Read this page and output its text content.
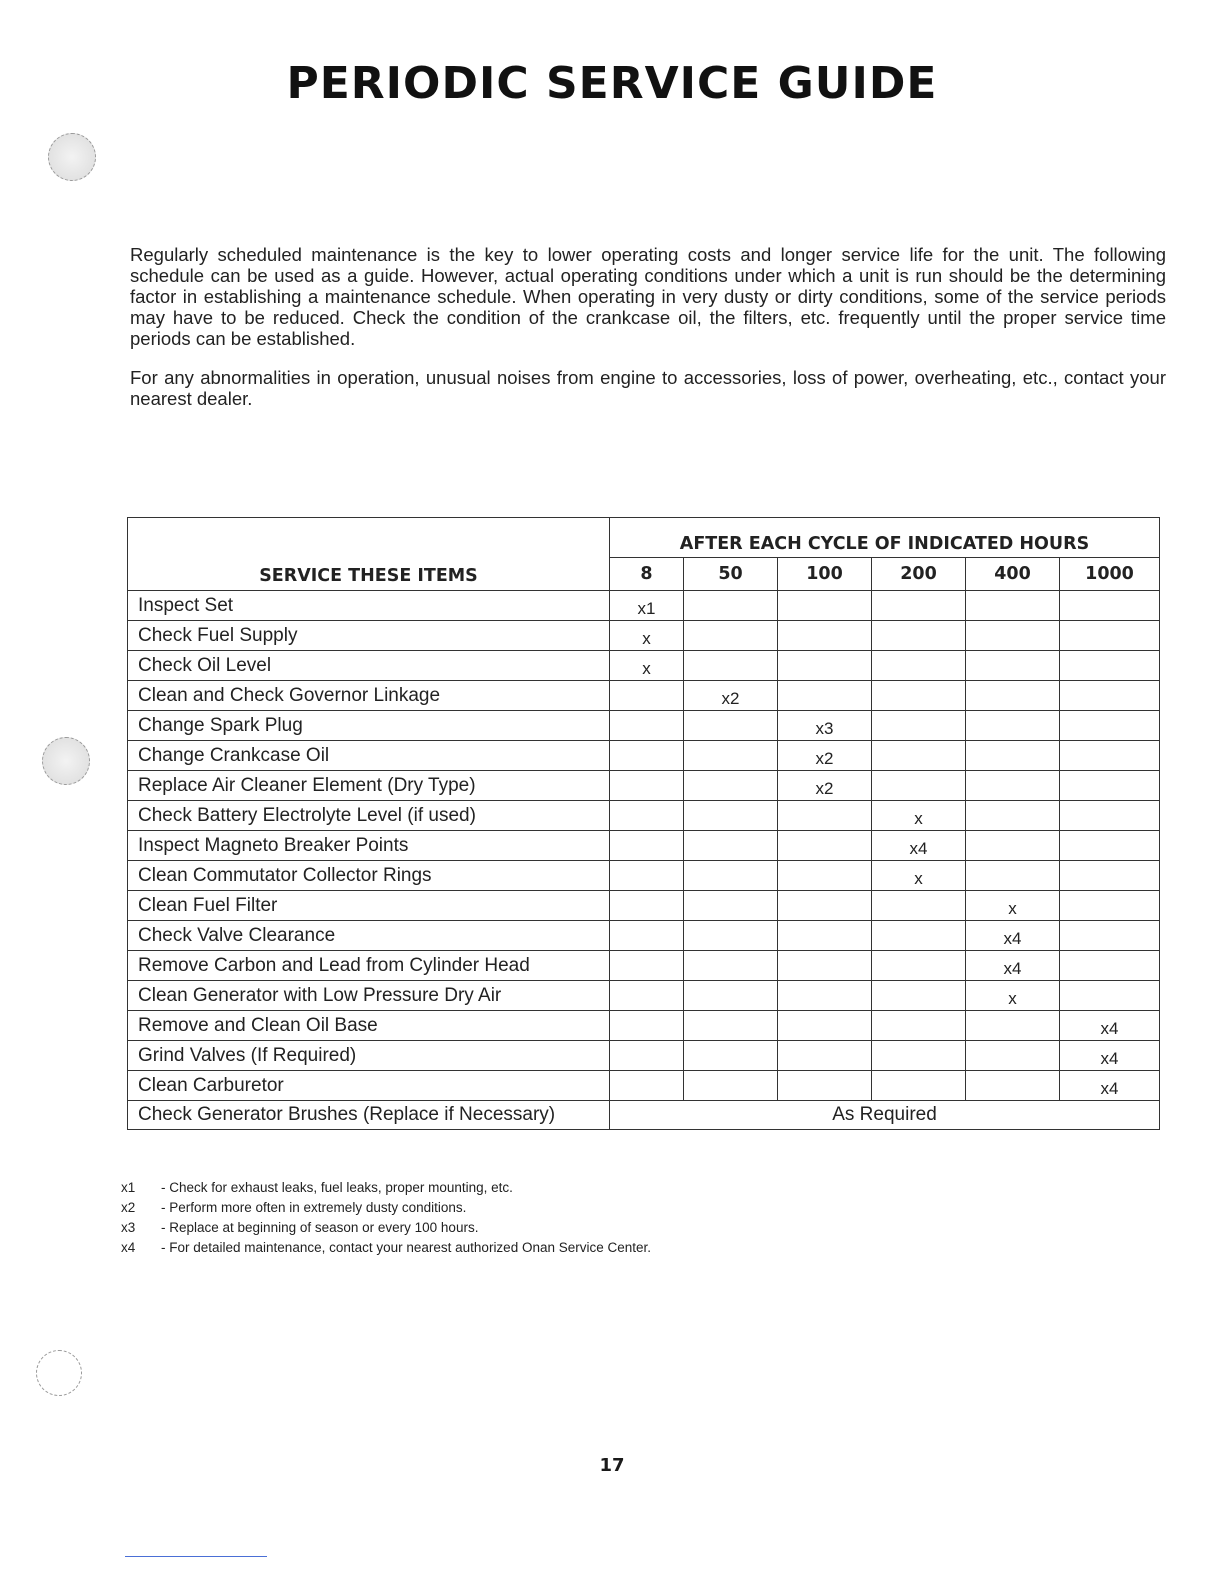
PERIODIC SERVICE GUIDE

Regularly scheduled maintenance is the key to lower operating costs and longer service life for the unit. The following schedule can be used as a guide. However, actual operating conditions under which a unit is run should be the determining factor in establishing a maintenance schedule. When operating in very dusty or dirty conditions, some of the service periods may have to be reduced. Check the condition of the crankcase oil, the filters, etc. frequently until the proper service time periods can be established.

For any abnormalities in operation, unusual noises from engine to accessories, loss of power, overheating, etc., contact your nearest dealer.

SERVICE THESE ITEMS	AFTER EACH CYCLE OF INDICATED HOURS					
	8	50	100	200	400	1000
Inspect Set	x1					
Check Fuel Supply	x					
Check Oil Level	x					
Clean and Check Governor Linkage		x2				
Change Spark Plug			x3			
Change Crankcase Oil			x2			
Replace Air Cleaner Element (Dry Type)			x2			
Check Battery Electrolyte Level (if used)				x		
Inspect Magneto Breaker Points				x4		
Clean Commutator Collector Rings				x		
Clean Fuel Filter					x	
Check Valve Clearance					x4	
Remove Carbon and Lead from Cylinder Head					x4	
Clean Generator with Low Pressure Dry Air					x	
Remove and Clean Oil Base						x4
Grind Valves (If Required)						x4
Clean Carburetor						x4
Check Generator Brushes (Replace if Necessary)	As Required					
x1 - Check for exhaust leaks, fuel leaks, proper mounting, etc.
x2 - Perform more often in extremely dusty conditions.
x3 - Replace at beginning of season or every 100 hours.
x4 - For detailed maintenance, contact your nearest authorized Onan Service Center.
17
